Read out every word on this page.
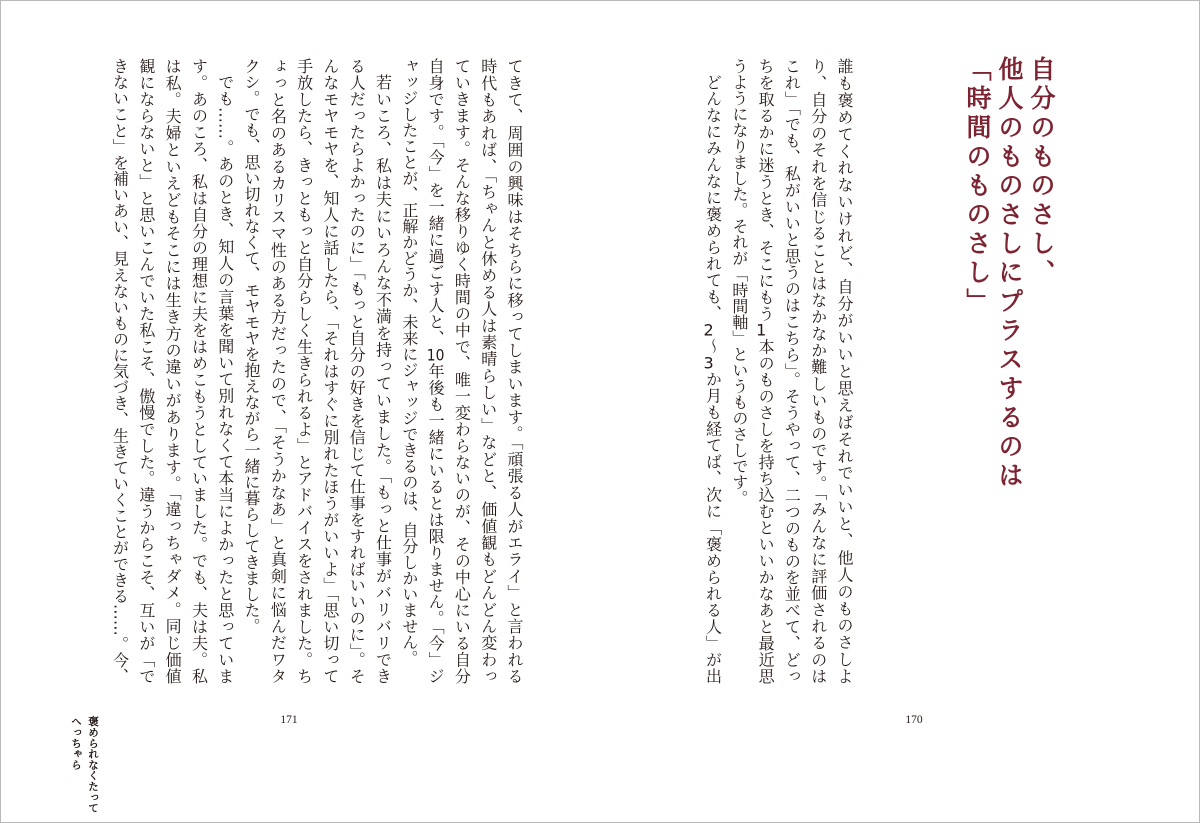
てきて、周囲の興味はそちらに移ってしまいます。「頑張る人がエライ」と言われる
時代もあれば、「ちゃんと休める人は素晴らしい」などと、価値観もどんどん変わっ
ていきます。そんな移りゆく時間の中で、唯一変わらないのが、その中心にいる自分
自身です。「今」を一緒に過ごす人と、10年後も一緒にいるとは限りません。「今」ジ
ャッジしたことが、正解かどうか、未来にジャッジできるのは、自分しかいません。
若いころ、私は夫にいろんな不満を持っていました。「もっと仕事がバリバリでき
る人だったらよかったのに」「もっと自分の好きを信じて仕事をすればいいのに」。そ
んなモヤモヤを、知人に話したら、「それはすぐに別れたほうがいいよ」「思い切って
手放したら、きっともっと自分らしく生きられるよ」とアドバイスをされました。ち
ょっと名のあるカリスマ性のある方だったので、「そうかなあ」と真剣に悩んだワタ
クシ。でも、思い切れなくて、モヤモヤを抱えながら一緒に暮らしてきました。
でも……。あのとき、知人の言葉を聞いて別れなくて本当によかったと思っていま
す。あのころ、私は自分の理想に夫をはめこもうとしていました。でも、夫は夫。私
は私。夫婦といえどもそこには生き方の違いがあります。「違っちゃダメ。同じ価値
観にならないと」と思いこんでいた私こそ、傲慢でした。違うからこそ、互いが「で
きないこと」を補いあい、見えないものに気づき、生きていくことができる……。今、
171
褒められなくたって
へっちゃら
自分のものさし、
他人のものさしにプラスするのは
「時間のものさし」
誰も褒めてくれないけれど、自分がいいと思えばそれでいいと、他人のものさしよ
り、自分のそれを信じることはなかなか難しいものです。「みんなに評価されるのは
これ」「でも、私がいいと思うのはこちら」。そうやって、二つのものを並べて、どっ
ちを取るかに迷うとき、そこにもう1本のものさしを持ち込むといいかなあと最近思
うようになりました。それが「時間軸」というものさしです。
どんなにみんなに褒められても、2〜3か月も経てば、次に「褒められる人」が出
170
